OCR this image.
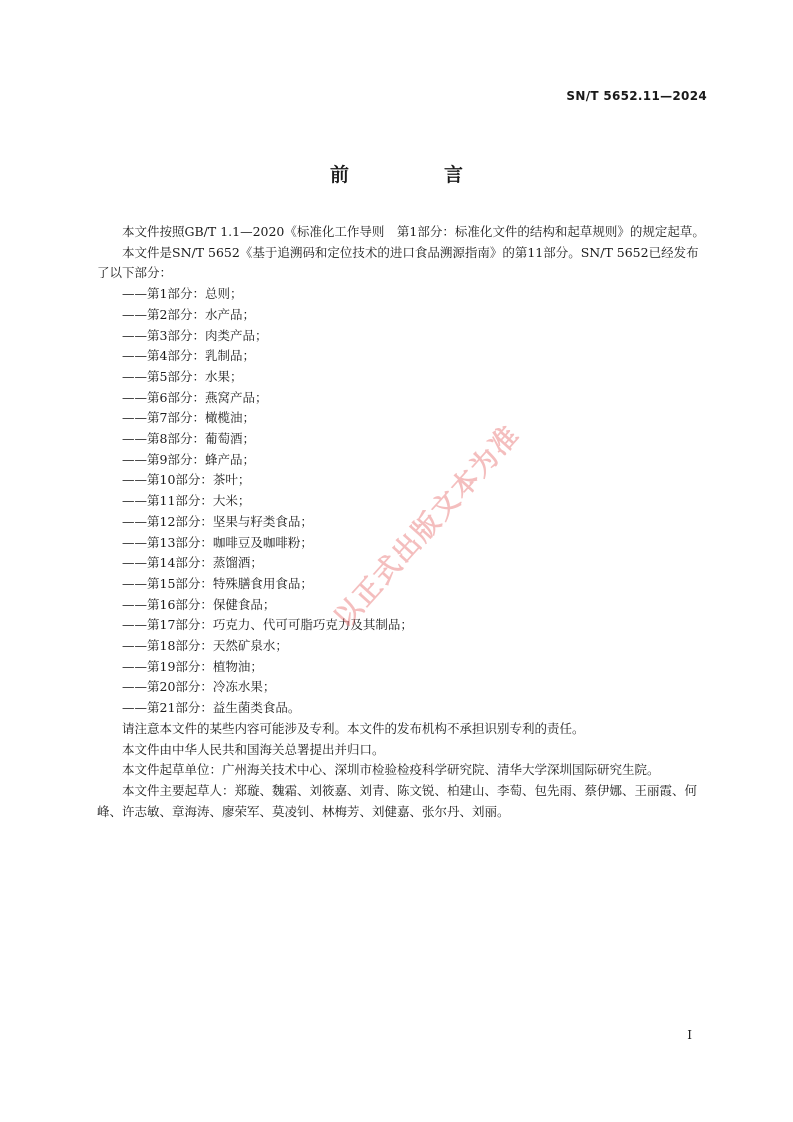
SN/T 5652.11—2024
前　言

本文件按照GB/T 1.1—2020《标准化工作导则　第1部分：标准化文件的结构和起草规则》的规定起草。

本文件是SN/T 5652《基于追溯码和定位技术的进口食品溯源指南》的第11部分。SN/T 5652已经发布了以下部分：

——第1部分：总则；

——第2部分：水产品；

——第3部分：肉类产品；

——第4部分：乳制品；

——第5部分：水果；

——第6部分：燕窝产品；

——第7部分：橄榄油；

——第8部分：葡萄酒；

——第9部分：蜂产品；

——第10部分：茶叶；

——第11部分：大米；

——第12部分：坚果与籽类食品；

——第13部分：咖啡豆及咖啡粉；

——第14部分：蒸馏酒；

——第15部分：特殊膳食用食品；

——第16部分：保健食品；

——第17部分：巧克力、代可可脂巧克力及其制品；

——第18部分：天然矿泉水；

——第19部分：植物油；

——第20部分：冷冻水果；

——第21部分：益生菌类食品。

请注意本文件的某些内容可能涉及专利。本文件的发布机构不承担识别专利的责任。

本文件由中华人民共和国海关总署提出并归口。

本文件起草单位：广州海关技术中心、深圳市检验检疫科学研究院、清华大学深圳国际研究生院。

本文件主要起草人：郑璇、魏霜、刘筱嘉、刘青、陈文锐、柏建山、李萄、包先雨、蔡伊娜、王丽霞、何峰、许志敏、章海涛、廖荣军、莫凌钊、林梅芳、刘健嘉、张尔丹、刘丽。

以正式出版文本为准
I
